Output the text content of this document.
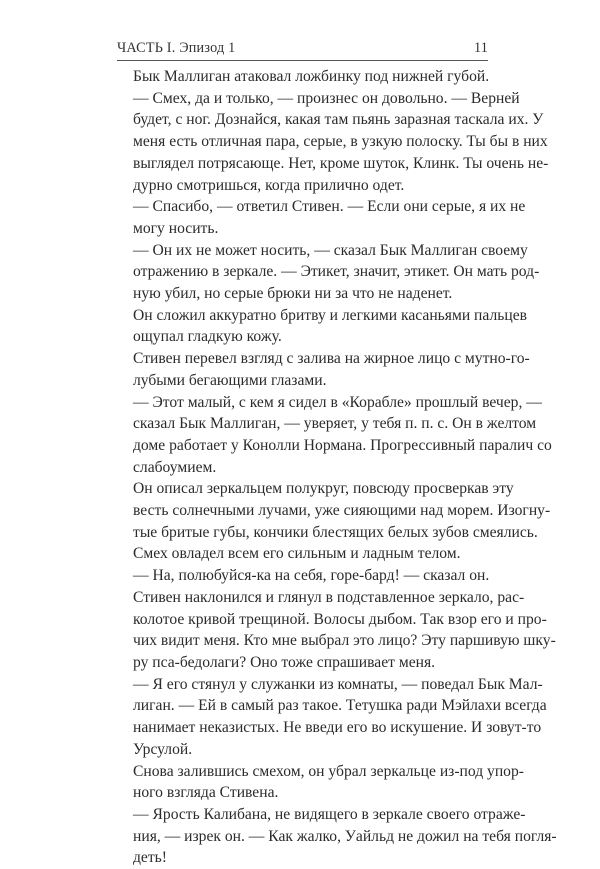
ЧАСТЬ I. Эпизод 1	11

Бык Маллиган атаковал ложбинку под нижней губой.

— Смех, да и только, — произнес он довольно. — Верней
будет, с ног. Дознайся, какая там пьянь заразная таскала их. У
меня есть отличная пара, серые, в узкую полоску. Ты бы в них
выглядел потрясающе. Нет, кроме шуток, Клинк. Ты очень не-
дурно смотришься, когда прилично одет.

— Спасибо, — ответил Стивен. — Если они серые, я их не
могу носить.

— Он их не может носить, — сказал Бык Маллиган своему
отражению в зеркале. — Этикет, значит, этикет. Он мать род-
ную убил, но серые брюки ни за что не наденет.

Он сложил аккуратно бритву и легкими касаньями пальцев
ощупал гладкую кожу.

Стивен перевел взгляд с залива на жирное лицо с мутно-го-
лубыми бегающими глазами.

— Этот малый, с кем я сидел в «Корабле» прошлый вечер, —
сказал Бык Маллиган, — уверяет, у тебя п. п. с. Он в желтом
доме работает у Конолли Нормана. Прогрессивный паралич со
слабоумием.

Он описал зеркальцем полукруг, повсюду просверкав эту
весть солнечными лучами, уже сияющими над морем. Изогну-
тые бритые губы, кончики блестящих белых зубов смеялись.
Смех овладел всем его сильным и ладным телом.

— На, полюбуйся-ка на себя, горе-бард! — сказал он.

Стивен наклонился и глянул в подставленное зеркало, рас-
колотое кривой трещиной. Волосы дыбом. Так взор его и про-
чих видит меня. Кто мне выбрал это лицо? Эту паршивую шку-
ру пса-бедолаги? Оно тоже спрашивает меня.

— Я его стянул у служанки из комнаты, — поведал Бык Мал-
лиган. — Ей в самый раз такое. Тетушка ради Мэйлахи всегда
нанимает неказистых. Не введи его во искушение. И зовут-то
Урсулой.

Снова залившись смехом, он убрал зеркальце из-под упор-
ного взгляда Стивена.

— Ярость Калибана, не видящего в зеркале своего отраже-
ния, — изрек он. — Как жалко, Уайльд не дожил на тебя погля-
деть!
